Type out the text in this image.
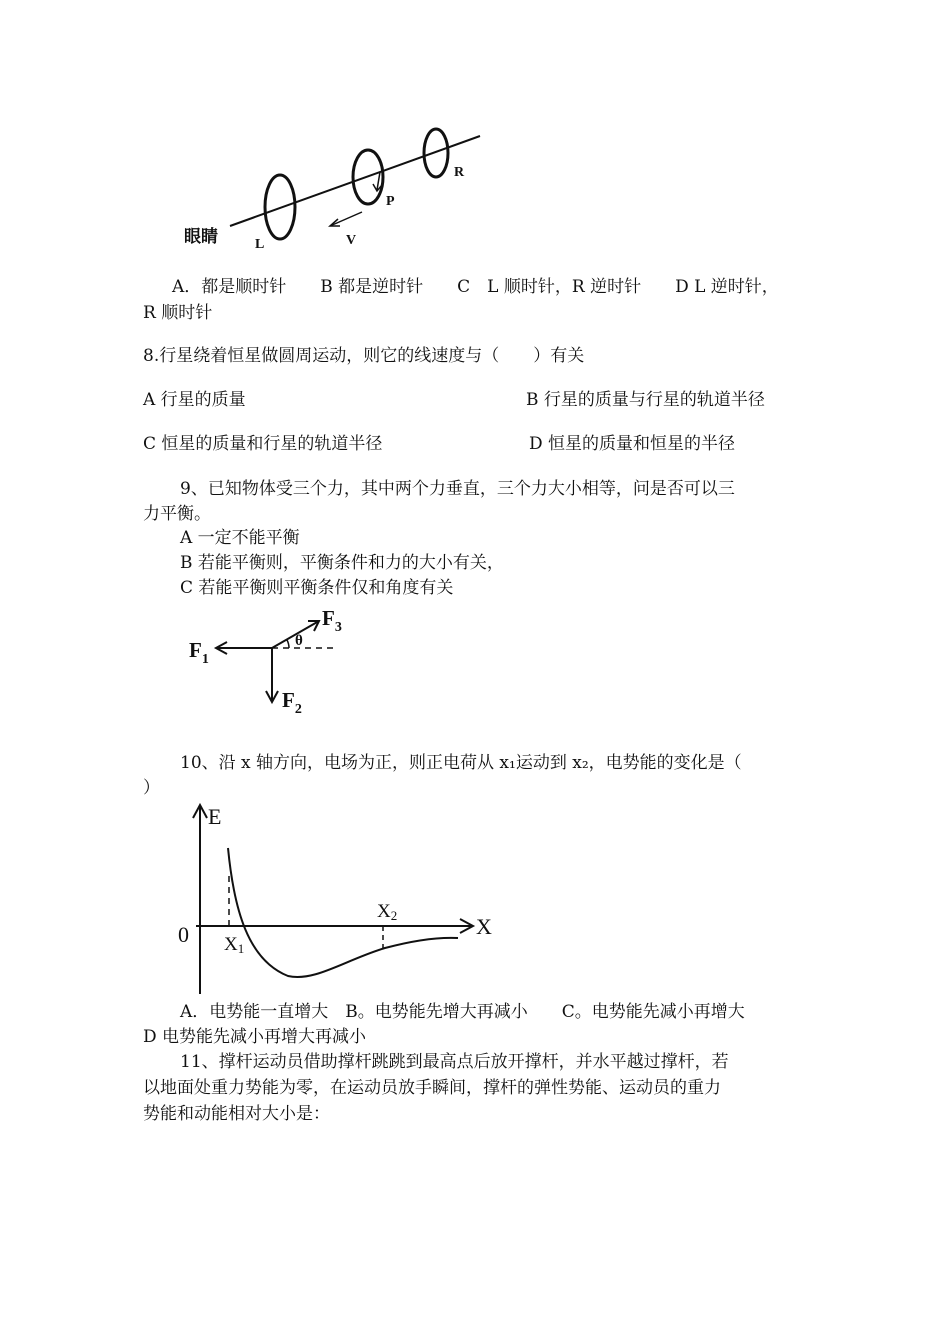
眼睛	L
P
R
V
A．都是顺时针　　B 都是逆时针　　C　L 顺时针，R 逆时针　　D L 逆时针，
R 顺时针
8.行星绕着恒星做圆周运动，则它的线速度与（　　）有关
A 行星的质量	B 行星的质量与行星的轨道半径
C 恒星的质量和行星的轨道半径	D 恒星的质量和恒星的半径
9、已知物体受三个力，其中两个力垂直，三个力大小相等，问是否可以三
力平衡。
A 一定不能平衡
B 若能平衡则，平衡条件和力的大小有关，
C 若能平衡则平衡条件仅和角度有关
θ
$F_1$
$F_2$
$F_3$
10、沿 x 轴方向，电场为正，则正电荷从 x₁运动到 x₂，电势能的变化是（
）
E
X
0 X1
X2
A．电势能一直增大　B。电势能先增大再减小　　C。电势能先减小再增大
D 电势能先减小再增大再减小
11、撑杆运动员借助撑杆跳跳到最高点后放开撑杆，并水平越过撑杆，若
以地面处重力势能为零，在运动员放手瞬间，撑杆的弹性势能、运动员的重力
势能和动能相对大小是：
